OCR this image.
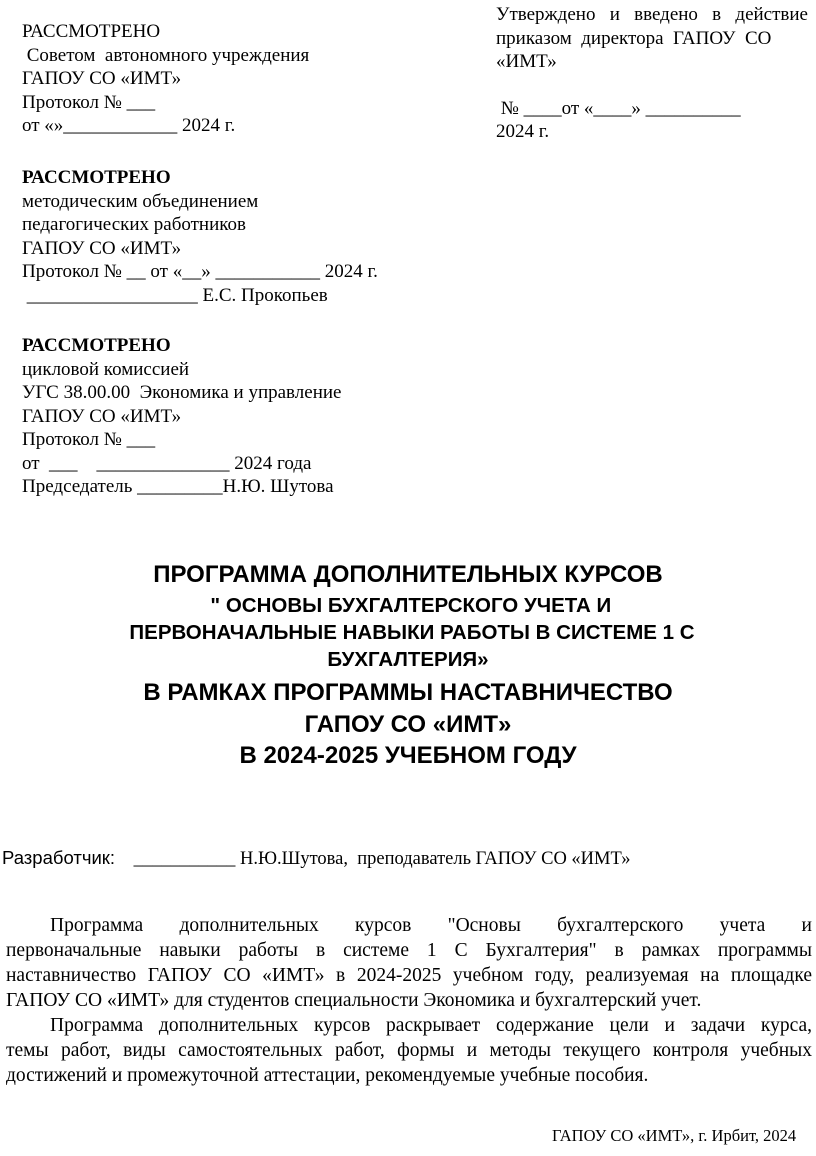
РАССМОТРЕНО
Советом  автономного учреждения
ГАПОУ СО «ИМТ»
Протокол № ___
от «»____________ 2024 г.
РАССМОТРЕНО
методическим объединением
педагогических работников
ГАПОУ СО «ИМТ»
Протокол № __ от «__» ___________ 2024 г.
__________________ Е.С. Прокопьев
РАССМОТРЕНО
цикловой комиссией
УГС 38.00.00  Экономика и управление
ГАПОУ СО «ИМТ»
Протокол № ___
от  ___    ______________ 2024 года
Председатель _________Н.Ю. Шутова
Утверждено и введено в действие
приказом  директора  ГАПОУ  СО
«ИМТ»
№ ____от «____» __________
2024 г.
ПРОГРАММА ДОПОЛНИТЕЛЬНЫХ КУРСОВ
" ОСНОВЫ БУХГАЛТЕРСКОГО УЧЕТА И
ПЕРВОНАЧАЛЬНЫЕ НАВЫКИ РАБОТЫ В СИСТЕМЕ 1 С
БУХГАЛТЕРИЯ»
В РАМКАХ ПРОГРАММЫ НАСТАВНИЧЕСТВО
ГАПОУ СО «ИМТ»
В 2024-2025 УЧЕБНОМ ГОДУ
Разработчик: ___________ Н.Ю.Шутова,  преподаватель ГАПОУ СО «ИМТ»
Программа дополнительных курсов "Основы бухгалтерского учета и
первоначальные навыки работы в системе 1 С Бухгалтерия" в рамках программы
наставничество ГАПОУ СО «ИМТ» в 2024-2025 учебном году, реализуемая на площадке
ГАПОУ СО «ИМТ» для студентов специальности Экономика и бухгалтерский учет.
Программа дополнительных курсов раскрывает содержание цели и задачи курса,
темы работ, виды самостоятельных работ, формы и методы текущего контроля учебных
достижений и промежуточной аттестации, рекомендуемые учебные пособия.
ГАПОУ СО «ИМТ», г. Ирбит, 2024
